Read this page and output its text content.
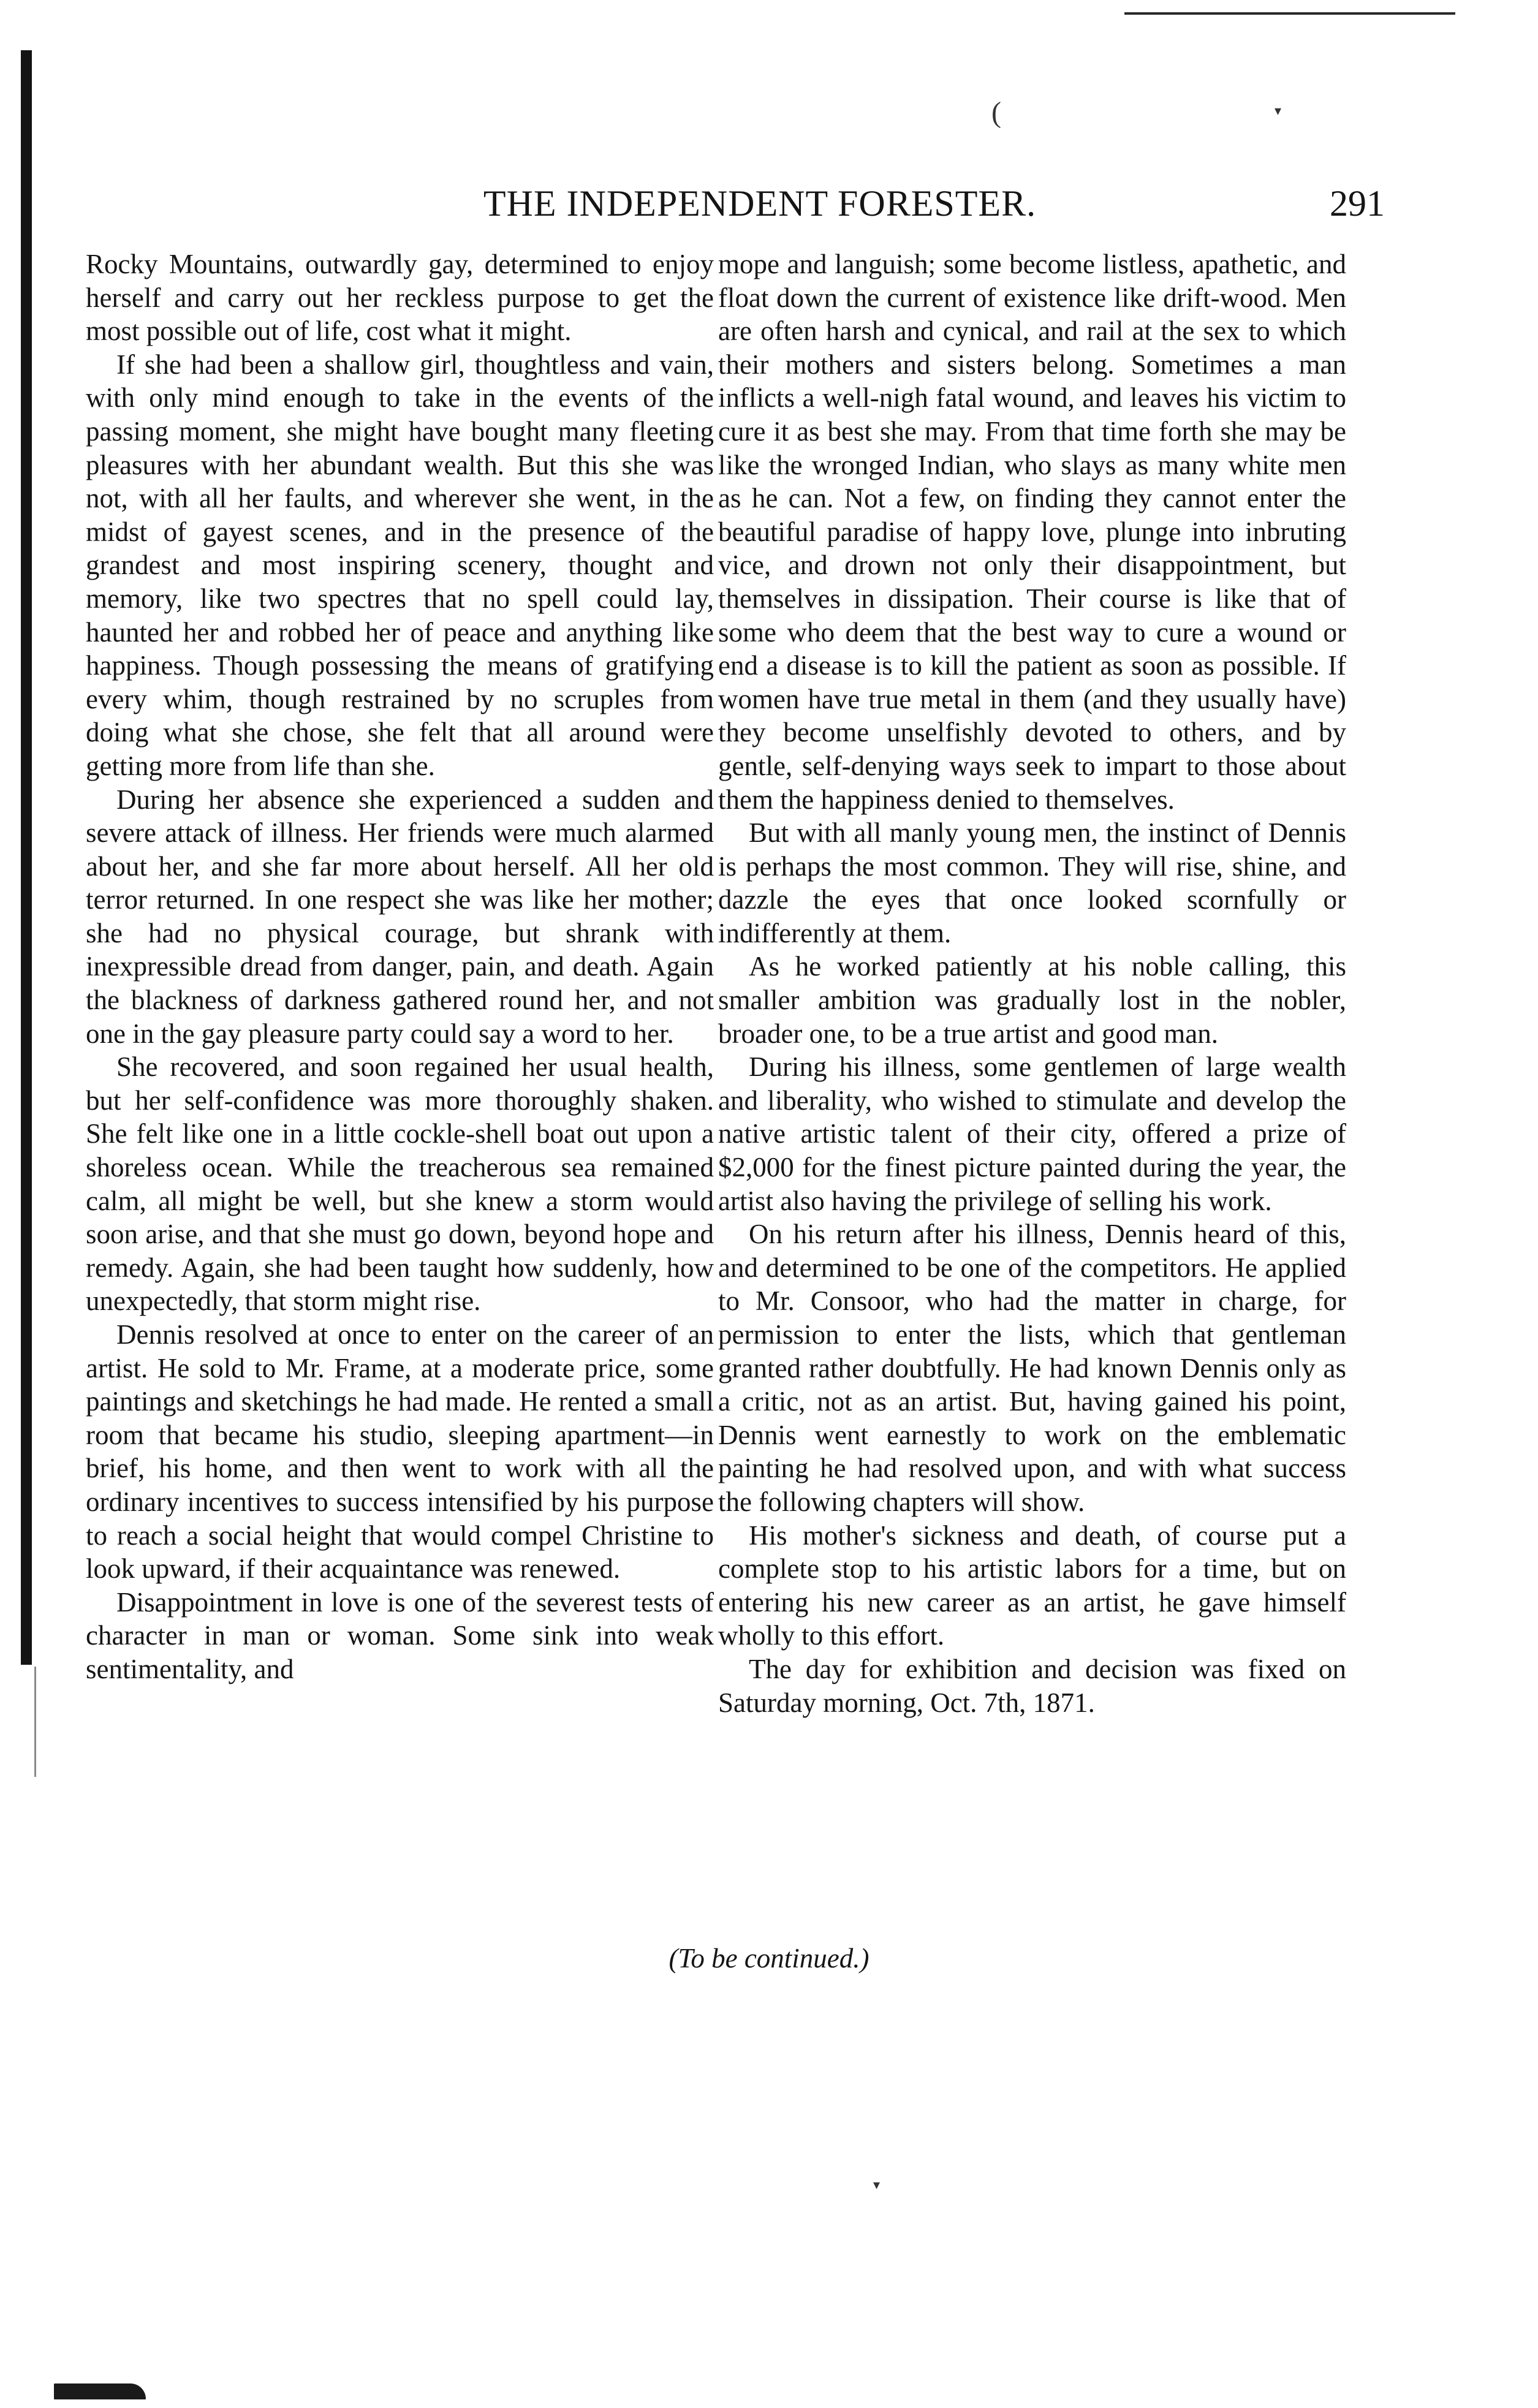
(	▾
▾
THE INDEPENDENT FORESTER.	291

Rocky Mountains, outwardly gay, determined to enjoy herself and carry out her reckless purpose to get the most possible out of life, cost what it might.

If she had been a shallow girl, thoughtless and vain, with only mind enough to take in the events of the passing moment, she might have bought many fleeting pleasures with her abundant wealth. But this she was not, with all her faults, and wherever she went, in the midst of gayest scenes, and in the presence of the grandest and most inspiring scenery, thought and memory, like two spectres that no spell could lay, haunted her and robbed her of peace and anything like happiness. Though possessing the means of gratifying every whim, though restrained by no scruples from doing what she chose, she felt that all around were getting more from life than she.

During her absence she experienced a sudden and severe attack of illness. Her friends were much alarmed about her, and she far more about herself. All her old terror returned. In one respect she was like her mother; she had no physical courage, but shrank with inexpressible dread from danger, pain, and death. Again the blackness of darkness gathered round her, and not one in the gay pleasure party could say a word to her.

She recovered, and soon regained her usual health, but her self-confidence was more thoroughly shaken. She felt like one in a little cockle-shell boat out upon a shoreless ocean. While the treacherous sea remained calm, all might be well, but she knew a storm would soon arise, and that she must go down, beyond hope and remedy. Again, she had been taught how suddenly, how unexpectedly, that storm might rise.

Dennis resolved at once to enter on the career of an artist. He sold to Mr. Frame, at a moderate price, some paintings and sketchings he had made. He rented a small room that became his studio, sleeping apartment—in brief, his home, and then went to work with all the ordinary incentives to success intensified by his purpose to reach a social height that would compel Christine to look upward, if their acquaintance was renewed.

Disappointment in love is one of the severest tests of character in man or woman. Some sink into weak sentimentality, and

mope and languish; some become listless, apathetic, and float down the current of existence like drift-wood. Men are often harsh and cynical, and rail at the sex to which their mothers and sisters belong. Sometimes a man inflicts a well-nigh fatal wound, and leaves his victim to cure it as best she may. From that time forth she may be like the wronged Indian, who slays as many white men as he can. Not a few, on finding they cannot enter the beautiful paradise of happy love, plunge into inbruting vice, and drown not only their disappointment, but themselves in dissipation. Their course is like that of some who deem that the best way to cure a wound or end a disease is to kill the patient as soon as possible. If women have true metal in them (and they usually have) they become unselfishly devoted to others, and by gentle, self-denying ways seek to impart to those about them the happiness denied to themselves.

But with all manly young men, the instinct of Dennis is perhaps the most common. They will rise, shine, and dazzle the eyes that once looked scornfully or indifferently at them.

As he worked patiently at his noble calling, this smaller ambition was gradually lost in the nobler, broader one, to be a true artist and good man.

During his illness, some gentlemen of large wealth and liberality, who wished to stimulate and develop the native artistic talent of their city, offered a prize of $2,000 for the finest picture painted during the year, the artist also having the privilege of selling his work.

On his return after his illness, Dennis heard of this, and determined to be one of the competitors. He applied to Mr. Consoor, who had the matter in charge, for permission to enter the lists, which that gentleman granted rather doubtfully. He had known Dennis only as a critic, not as an artist. But, having gained his point, Dennis went earnestly to work on the emblematic painting he had resolved upon, and with what success the following chapters will show.

His mother's sickness and death, of course put a complete stop to his artistic labors for a time, but on entering his new career as an artist, he gave himself wholly to this effort.

The day for exhibition and decision was fixed on Saturday morning, Oct. 7th, 1871.

(To be continued.)
